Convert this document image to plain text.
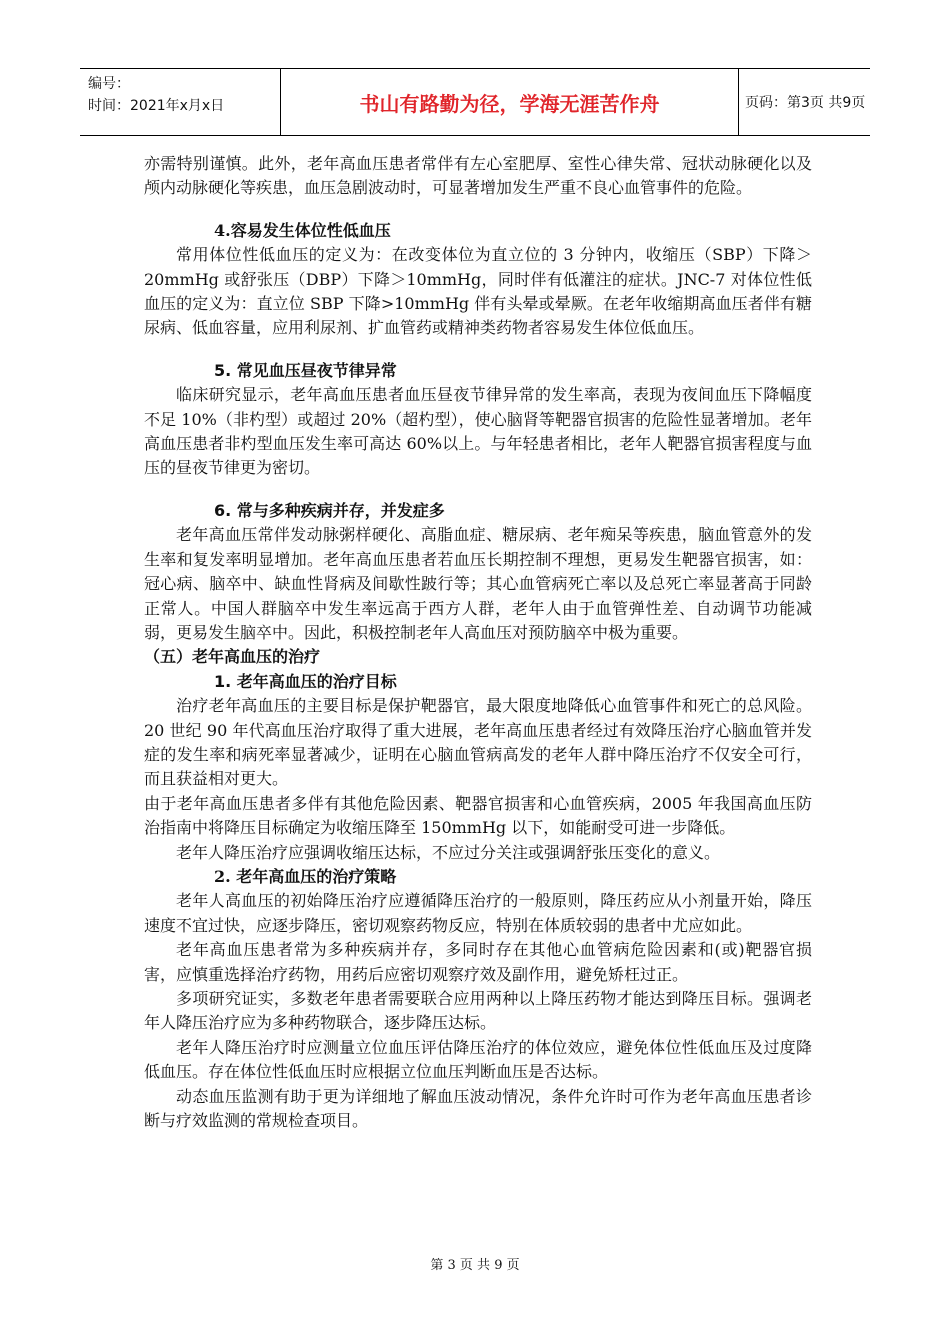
编号：
时间：2021年x月x日	书山有路勤为径，学海无涯苦作舟	页码：第3页 共9页

亦需特别谨慎。此外，老年高血压患者常伴有左心室肥厚、室性心律失常、冠状动脉硬化以及颅内动脉硬化等疾患，血压急剧波动时，可显著增加发生严重不良心血管事件的危险。

4.容易发生体位性低血压

常用体位性低血压的定义为：在改变体位为直立位的 3 分钟内，收缩压（SBP）下降＞20mmHg 或舒张压（DBP）下降＞10mmHg，同时伴有低灌注的症状。JNC-7 对体位性低血压的定义为：直立位 SBP 下降>10mmHg 伴有头晕或晕厥。在老年收缩期高血压者伴有糖尿病、低血容量，应用利尿剂、扩血管药或精神类药物者容易发生体位低血压。

5. 常见血压昼夜节律异常

临床研究显示，老年高血压患者血压昼夜节律异常的发生率高，表现为夜间血压下降幅度不足 10%（非杓型）或超过 20%（超杓型），使心脑肾等靶器官损害的危险性显著增加。老年高血压患者非杓型血压发生率可高达 60%以上。与年轻患者相比，老年人靶器官损害程度与血压的昼夜节律更为密切。

6. 常与多种疾病并存，并发症多

老年高血压常伴发动脉粥样硬化、高脂血症、糖尿病、老年痴呆等疾患，脑血管意外的发生率和复发率明显增加。老年高血压患者若血压长期控制不理想，更易发生靶器官损害，如：冠心病、脑卒中、缺血性肾病及间歇性跛行等；其心血管病死亡率以及总死亡率显著高于同龄正常人。中国人群脑卒中发生率远高于西方人群，老年人由于血管弹性差、自动调节功能减弱，更易发生脑卒中。因此，积极控制老年人高血压对预防脑卒中极为重要。

（五）老年高血压的治疗

1. 老年高血压的治疗目标

治疗老年高血压的主要目标是保护靶器官，最大限度地降低心血管事件和死亡的总风险。20 世纪 90 年代高血压治疗取得了重大进展，老年高血压患者经过有效降压治疗心脑血管并发症的发生率和病死率显著减少，证明在心脑血管病高发的老年人群中降压治疗不仅安全可行，而且获益相对更大。

由于老年高血压患者多伴有其他危险因素、靶器官损害和心血管疾病，2005 年我国高血压防治指南中将降压目标确定为收缩压降至 150mmHg 以下，如能耐受可进一步降低。

老年人降压治疗应强调收缩压达标，不应过分关注或强调舒张压变化的意义。

2. 老年高血压的治疗策略

老年人高血压的初始降压治疗应遵循降压治疗的一般原则，降压药应从小剂量开始，降压速度不宜过快，应逐步降压，密切观察药物反应，特别在体质较弱的患者中尤应如此。

老年高血压患者常为多种疾病并存，多同时存在其他心血管病危险因素和(或)靶器官损害，应慎重选择治疗药物，用药后应密切观察疗效及副作用，避免矫枉过正。

多项研究证实，多数老年患者需要联合应用两种以上降压药物才能达到降压目标。强调老年人降压治疗应为多种药物联合，逐步降压达标。

老年人降压治疗时应测量立位血压评估降压治疗的体位效应，避免体位性低血压及过度降低血压。存在体位性低血压时应根据立位血压判断血压是否达标。

动态血压监测有助于更为详细地了解血压波动情况，条件允许时可作为老年高血压患者诊断与疗效监测的常规检查项目。

第 3 页 共 9 页
